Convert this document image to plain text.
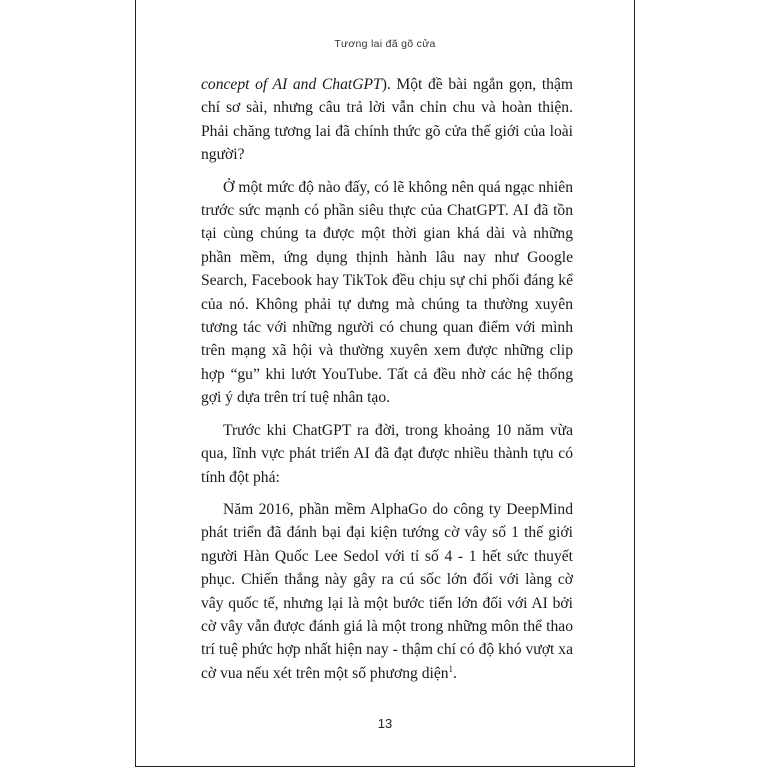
Tương lai đã gõ cửa

concept of AI and ChatGPT). Một đề bài ngắn gọn, thậm chí sơ sài, nhưng câu trả lời vẫn chỉn chu và hoàn thiện. Phải chăng tương lai đã chính thức gõ cửa thế giới của loài người?

Ở một mức độ nào đấy, có lẽ không nên quá ngạc nhiên trước sức mạnh có phần siêu thực của ChatGPT. AI đã tồn tại cùng chúng ta được một thời gian khá dài và những phần mềm, ứng dụng thịnh hành lâu nay như Google Search, Facebook hay TikTok đều chịu sự chi phối đáng kể của nó. Không phải tự dưng mà chúng ta thường xuyên tương tác với những người có chung quan điểm với mình trên mạng xã hội và thường xuyên xem được những clip hợp “gu” khi lướt YouTube. Tất cả đều nhờ các hệ thống gợi ý dựa trên trí tuệ nhân tạo.

Trước khi ChatGPT ra đời, trong khoảng 10 năm vừa qua, lĩnh vực phát triển AI đã đạt được nhiều thành tựu có tính đột phá:

Năm 2016, phần mềm AlphaGo do công ty DeepMind phát triển đã đánh bại đại kiện tướng cờ vây số 1 thế giới người Hàn Quốc Lee Sedol với tỉ số 4 - 1 hết sức thuyết phục. Chiến thắng này gây ra cú sốc lớn đối với làng cờ vây quốc tế, nhưng lại là một bước tiến lớn đối với AI bởi cờ vây vẫn được đánh giá là một trong những môn thể thao trí tuệ phức hợp nhất hiện nay - thậm chí có độ khó vượt xa cờ vua nếu xét trên một số phương diện$^1$.

13
